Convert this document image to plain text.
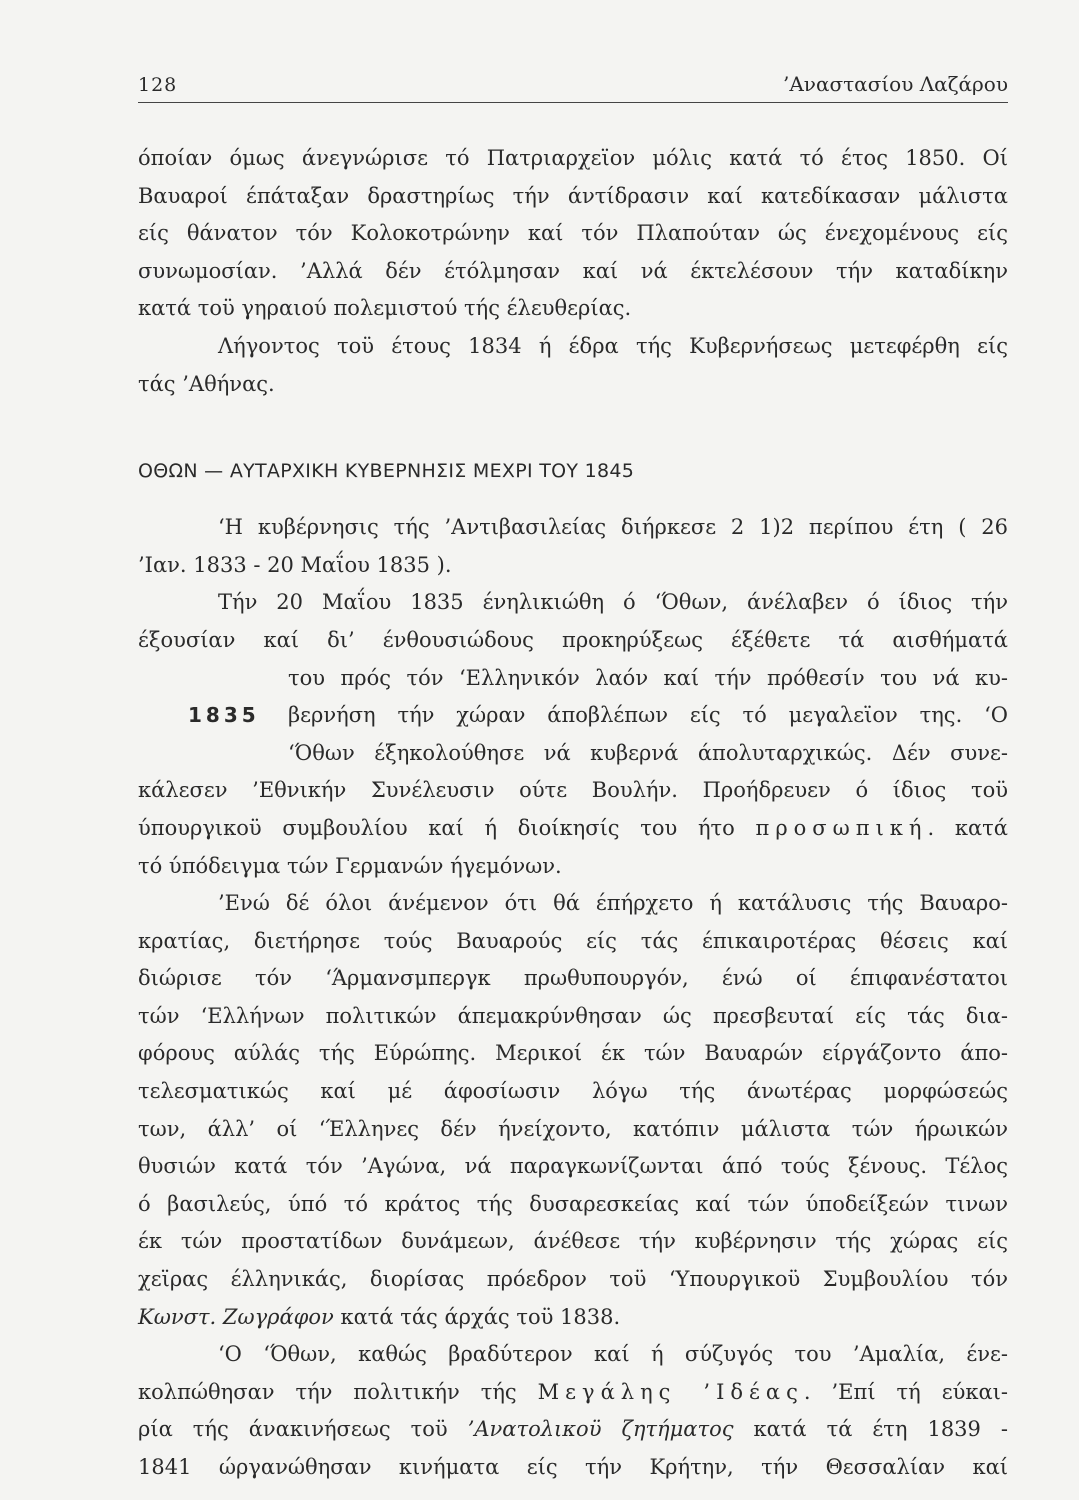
128	’Αναστασίου Λαζάρου

όποίαν όμως άνεγνώρισε τό Πατριαρχεϊον μόλις κατά τό έτος 1850. Οί
Βαυαροί έπάταξαν δραστηρίως τήν άντίδρασιν καί κατεδίκασαν μάλιστα
είς θάνατον τόν Κολοκοτρώνην καί τόν Πλαπούταν ώς ένεχομένους είς
συνωμοσίαν. ’Αλλά δέν έτόλμησαν καί νά έκτελέσουν τήν καταδίκην
κατά τοϋ γηραιού πολεμιστού τής έλευθερίας.

Λήγοντος τοϋ έτους 1834 ή έδρα τής Κυβερνήσεως μετεφέρθη είς
τάς ’Αθήνας.

ΟΘΩΝ — ΑΥΤΑΡΧΙΚΗ ΚΥΒΕΡΝΗΣΙΣ ΜΕΧΡΙ ΤΟΥ 1845

‘Η κυβέρνησις τής ’Αντιβασιλείας διήρκεσε 2 1)2 περίπου έτη ( 26
’Ιαν. 1833 - 20 Μαΐου 1835 ).

Τήν 20 Μαΐου 1835 ένηλικιώθη ό ‘Όθων, άνέλαβεν ό ίδιος τήν
έξουσίαν καί δι’ ένθουσιώδους προκηρύξεως έξέθετε τά αισθήματά
του πρός τόν ‘Ελληνικόν λαόν καί τήν πρόθεσίν του νά κυ-
1835 βερνήση τήν χώραν άποβλέπων είς τό μεγαλεϊον της. ‘Ο
‘Όθων έξηκολούθησε νά κυβερνά άπολυταρχικώς. Δέν συνε-
κάλεσεν ’Εθνικήν Συνέλευσιν ούτε Βουλήν. Προήδρευεν ό ίδιος τοϋ
ύπουργικοϋ συμβουλίου καί ή διοίκησίς του ήτο προσωπική. κατά
τό ύπόδειγμα τών Γερμανών ήγεμόνων.

’Ενώ δέ όλοι άνέμενον ότι θά έπήρχετο ή κατάλυσις τής Βαυαρο-
κρατίας, διετήρησε τούς Βαυαρούς είς τάς έπικαιροτέρας θέσεις καί
διώρισε τόν ‘Άρμανσμπεργκ πρωθυπουργόν, ένώ οί έπιφανέστατοι
τών ‘Ελλήνων πολιτικών άπεμακρύνθησαν ώς πρεσβευταί είς τάς δια-
φόρους αύλάς τής Εύρώπης. Μερικοί έκ τών Βαυαρών είργάζοντο άπο-
τελεσματικώς καί μέ άφοσίωσιν λόγω τής άνωτέρας μορφώσεώς
των, άλλ’ οί ‘Έλληνες δέν ήνείχοντο, κατόπιν μάλιστα τών ήρωικών
θυσιών κατά τόν ’Αγώνα, νά παραγκωνίζωνται άπό τούς ξένους. Τέλος
ό βασιλεύς, ύπό τό κράτος τής δυσαρεσκείας καί τών ύποδείξεών τινων
έκ τών προστατίδων δυνάμεων, άνέθεσε τήν κυβέρνησιν τής χώρας είς
χεϊρας έλληνικάς, διορίσας πρόεδρον τοϋ ‘Υπουργικοϋ Συμβουλίου τόν
Κωνστ. Ζωγράφον κατά τάς άρχάς τοϋ 1838.

‘Ο ‘Όθων, καθώς βραδύτερον καί ή σύζυγός του ’Αμαλία, ένε-
κολπώθησαν τήν πολιτικήν τής Μεγάλης ’Ιδέας. ’Επί τή εύκαι-
ρία τής άνακινήσεως τοϋ ’Ανατολικοϋ ζητήματος κατά τά έτη 1839 -
1841 ώργανώθησαν κινήματα είς τήν Κρήτην, τήν Θεσσαλίαν καί
